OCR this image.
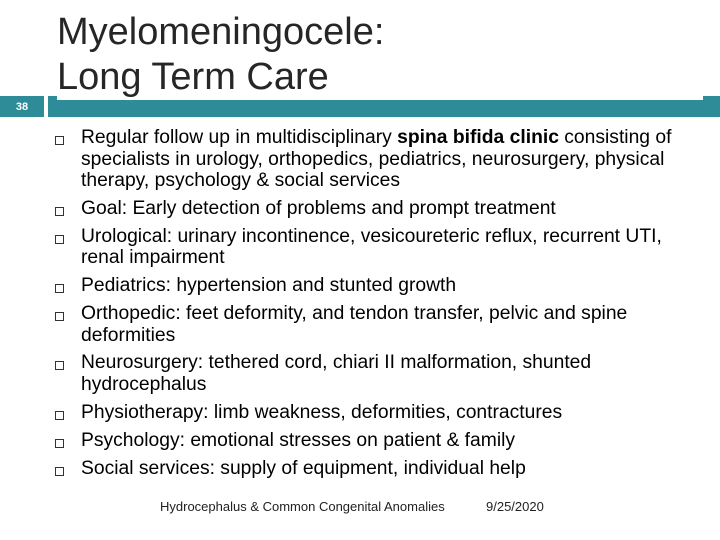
38
Myelomeningocele:
Long Term Care
Regular follow up in multidisciplinary spina bifida clinic consisting of specialists in urology, orthopedics, pediatrics, neurosurgery, physical therapy, psychology & social services
Goal: Early detection of problems and prompt treatment
Urological: urinary incontinence, vesicoureteric reflux, recurrent UTI, renal impairment
Pediatrics: hypertension and stunted growth
Orthopedic: feet deformity, and tendon transfer, pelvic and spine deformities
Neurosurgery: tethered cord, chiari II malformation, shunted hydrocephalus
Physiotherapy: limb weakness, deformities, contractures
Psychology: emotional stresses on patient & family
Social services: supply of equipment, individual help
Hydrocephalus & Common Congenital Anomalies	9/25/2020
